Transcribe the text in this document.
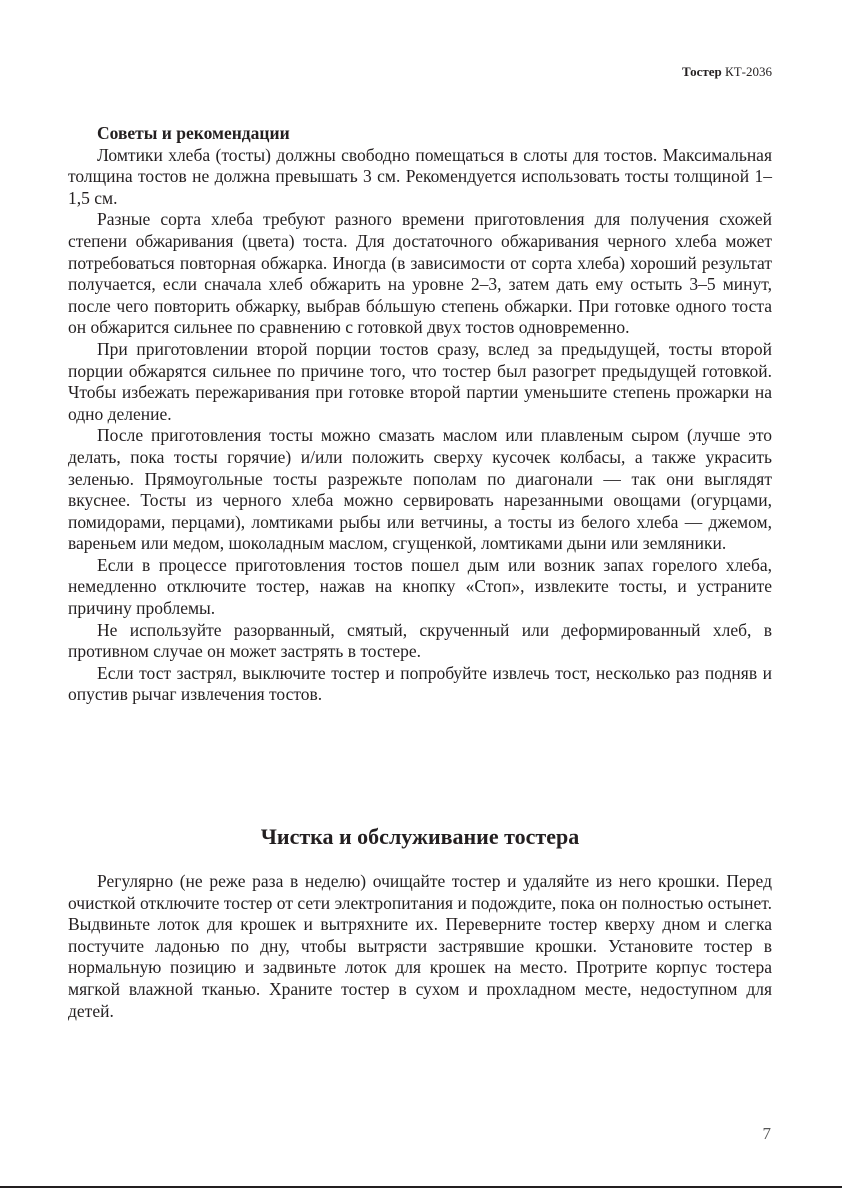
Тостер КТ-2036
Советы и рекомендации

Ломтики хлеба (тосты) должны свободно помещаться в слоты для тостов. Максимальная толщина тостов не должна превышать 3 см. Рекомендуется использовать тосты толщиной 1–1,5 см.

Разные сорта хлеба требуют разного времени приготовления для получения схожей степени обжаривания (цвета) тоста. Для достаточного обжаривания черного хлеба может потребоваться повторная обжарка. Иногда (в зависимости от сорта хлеба) хороший результат получается, если сначала хлеб обжарить на уровне 2–3, затем дать ему остыть 3–5 минут, после чего повторить обжарку, выбрав бóльшую степень обжарки. При готовке одного тоста он обжарится сильнее по сравнению с готовкой двух тостов одновременно.

При приготовлении второй порции тостов сразу, вслед за предыдущей, тосты второй порции обжарятся сильнее по причине того, что тостер был разогрет предыдущей готовкой. Чтобы избежать пережаривания при готовке второй партии уменьшите степень прожарки на одно деление.

После приготовления тосты можно смазать маслом или плавленым сыром (лучше это делать, пока тосты горячие) и/или положить сверху кусочек колбасы, а также украсить зеленью. Прямоугольные тосты разрежьте пополам по диагонали — так они выглядят вкуснее. Тосты из черного хлеба можно сервировать нарезанными овощами (огурцами, помидорами, перцами), ломтиками рыбы или ветчины, а тосты из белого хлеба — джемом, вареньем или медом, шоколадным маслом, сгущенкой, ломтиками дыни или земляники.

Если в процессе приготовления тостов пошел дым или возник запах горелого хлеба, немедленно отключите тостер, нажав на кнопку «Стоп», извлеките тосты, и устраните причину проблемы.

Не используйте разорванный, смятый, скрученный или деформированный хлеб, в противном случае он может застрять в тостере.

Если тост застрял, выключите тостер и попробуйте извлечь тост, несколько раз подняв и опустив рычаг извлечения тостов.

Чистка и обслуживание тостера

Регулярно (не реже раза в неделю) очищайте тостер и удаляйте из него крошки. Перед очисткой отключите тостер от сети электропитания и подождите, пока он полностью остынет. Выдвиньте лоток для крошек и вытряхните их. Переверните тостер кверху дном и слегка постучите ладонью по дну, чтобы вытрясти застрявшие крошки. Установите тостер в нормальную позицию и задвиньте лоток для крошек на место. Протрите корпус тостера мягкой влажной тканью. Храните тостер в сухом и прохладном месте, недоступном для детей.

7
